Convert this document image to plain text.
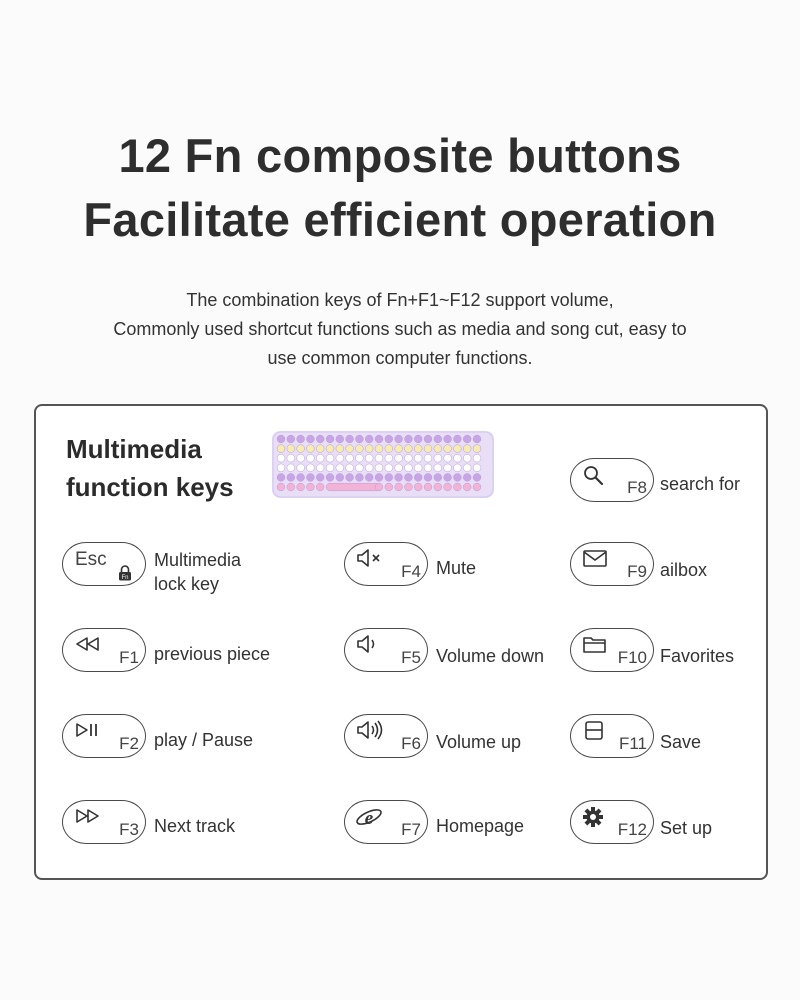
12 Fn composite buttons
Facilitate efficient operation
The combination keys of Fn+F1~F12 support volume,
Commonly used shortcut functions such as media and song cut, easy to
use common computer functions.
Multimedia
function keys
Esc
Fn
Multimedia
lock key
F1 previous piece
F2 play / Pause
F3 Next track
F4 Mute
F5 Volume down
F6 Volume up
e
F7 Homepage
F8 search for
F9 ailbox
F10 Favorites
F11 Save
F12 Set up
